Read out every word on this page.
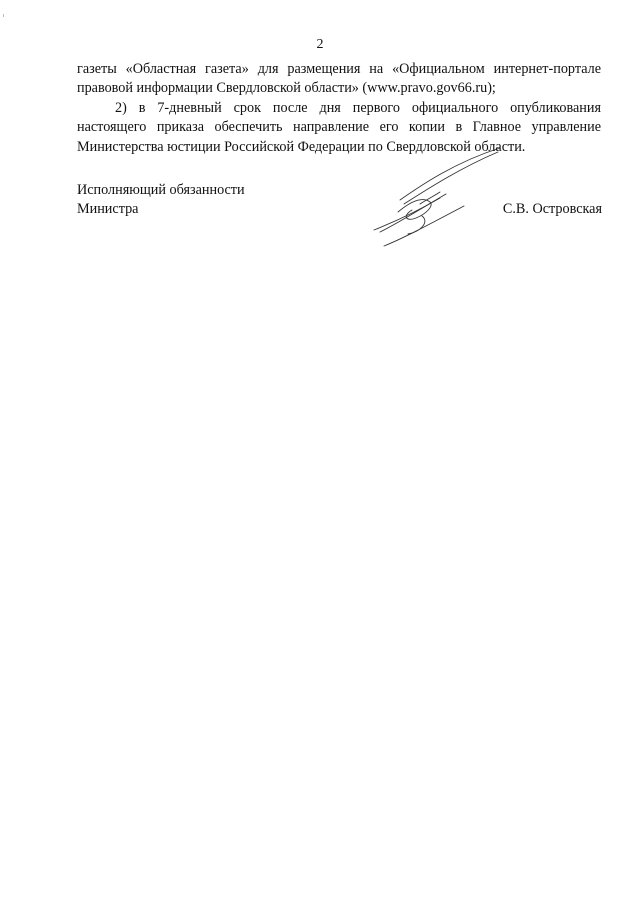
2

газеты «Областная газета» для размещения на «Официальном интернет-портале правовой информации Свердловской области» (www.pravo.gov66.ru);

2) в 7-дневный срок после дня первого официального опубликования настоящего приказа обеспечить направление его копии в Главное управление Министерства юстиции Российской Федерации по Свердловской области.

Исполняющий обязанности
Министра	С.В. Островская
